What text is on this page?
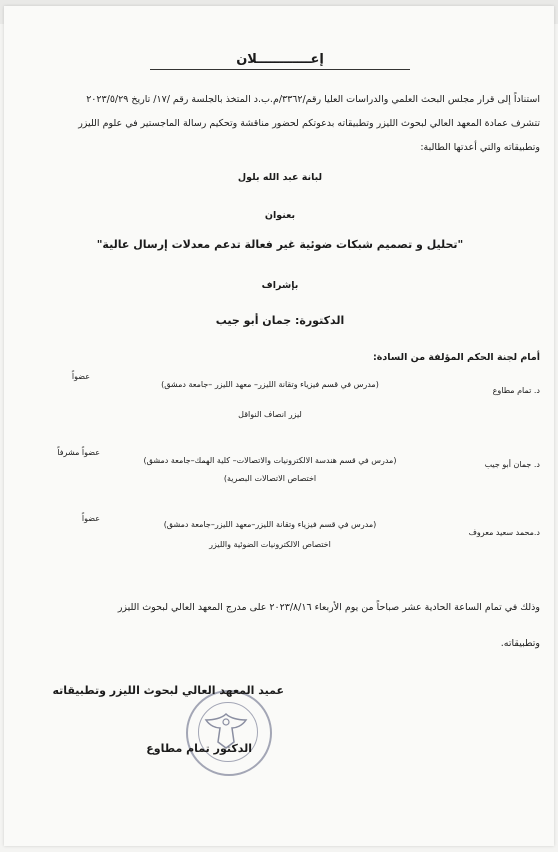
إعــــــــــــلان
استناداً إلى قرار مجلس البحث العلمي والدراسات العليا رقم/٣٣٦٢/م.ب.د المتخذ بالجلسة رقم /١٧/ تاريخ ٢٠٢٣/٥/٢٩
تتشرف عمادة المعهد العالي لبحوث الليزر وتطبيقاته بدعوتكم لحضور مناقشة وتحكيم رسالة الماجستير في علوم الليزر
وتطبيقاته والتي أعدتها الطالبة:
لبانة عبد الله بلول
بعنوان
"تحليل و تصميم شبكات ضوئية غير فعالة تدعم معدلات إرسال عالية"
بإشراف
الدكتورة: جمان أبو جيب
أمام لجنة الحكم المؤلفة من السادة:
د. تمام مطاوع
(مدرس في قسم فيزياء وتقانة الليزر– معهد الليزر –جامعة دمشق)
ليزر انصاف النواقل
عضواً
د. جمان أبو جيب
(مدرس في قسم هندسة الالكترونيات والاتصالات– كلية الهمك–جامعة دمشق)
اختصاص الاتصالات البصرية)
عضواً مشرفاً
د.محمد سعيد معروف
(مدرس في قسم فيزياء وتقانة الليزر–معهد الليزر–جامعة دمشق)
اختصاص الالكترونيات الضوئية والليزر
عضواً
وذلك في تمام الساعة الحادية عشر صباحاً من يوم الأربعاء ٢٠٢٣/٨/١٦ على مدرج المعهد العالي لبحوث الليزر
وتطبيقاته.
عميد المعهد العالي لبحوث الليزر وتطبيقاته
الدكتور تمام مطاوع
